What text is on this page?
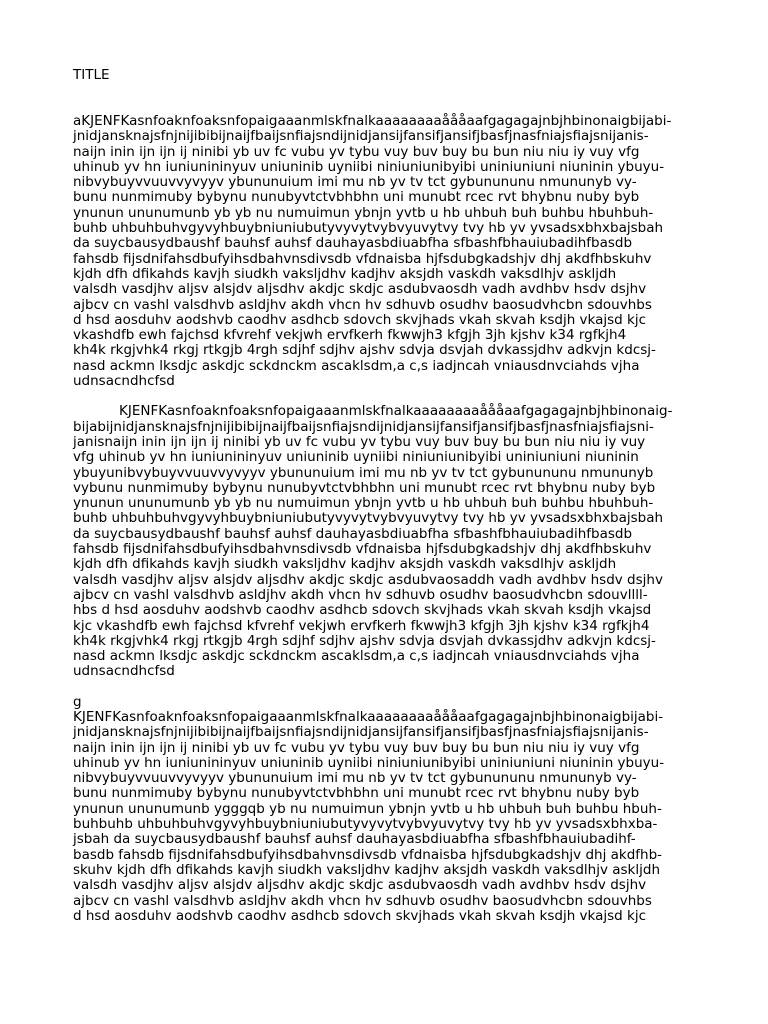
TITLE
aKJENFKasnfoaknfoaksnfopaigaaanmlskfnalkaaaaaaaaåååaafgagagajnbjhbinonaigbijabi-
jnidjansknajsfnjnijibibijnaijfbaijsnfiajsndijnidjansijfansifjansifjbasfjnasfniajsfiajsnijanis-
naijn inin ijn ijn ij ninibi yb uv fc vubu yv tybu vuy buv buy bu bun niu niu iy vuy vfg
uhinub yv hn iuniunininyuv uniuninib uyniibi niniuniunibyibi uniniuniuni niuninin ybuyu-
nibvybuyvvuuvvyvyyv ybununuium imi mu nb yv tv tct gybunununu nmununyb vy-
bunu nunmimuby bybynu nunubyvtctvbhbhn uni munubt rcec rvt bhybnu nuby byb
ynunun ununumunb yb yb nu numuimun ybnjn yvtb u hb uhbuh buh buhbu hbuhbuh-
buhb uhbuhbuhvgyvyhbuybniuniubutyvyvytvybvyuvytvy tvy hb yv yvsadsxbhxbajsbah
da suycbausydbaushf bauhsf auhsf dauhayasbdiuabfha sfbashfbhauiubadihfbasdb
fahsdb fijsdnifahsdbufyihsdbahvnsdivsdb vfdnaisba hjfsdubgkadshjv dhj akdfhbskuhv
kjdh dfh dfikahds kavjh siudkh vaksljdhv kadjhv aksjdh vaskdh vaksdlhjv askljdh
valsdh vasdjhv aljsv alsjdv aljsdhv akdjc skdjc asdubvaosdh vadh avdhbv hsdv dsjhv
ajbcv cn vashl valsdhvb asldjhv akdh vhcn hv sdhuvb osudhv baosudvhcbn sdouvhbs
d hsd aosduhv aodshvb caodhv asdhcb sdovch skvjhads vkah skvah ksdjh vkajsd kjc
vkashdfb ewh fajchsd kfvrehf vekjwh ervfkerh fkwwjh3 kfgjh 3jh kjshv k34 rgfkjh4
kh4k rkgjvhk4 rkgj rtkgjb 4rgh sdjhf sdjhv ajshv sdvja dsvjah dvkassjdhv adkvjn kdcsj-
nasd ackmn lksdjc askdjc sckdnckm ascaklsdm,a c,s iadjncah vniausdnvciahds vjha
udnsacndhcfsd
KJENFKasnfoaknfoaksnfopaigaaanmlskfnalkaaaaaaaaåååaafgagagajnbjhbinonaig-
bijabijnidjansknajsfnjnijibibijnaijfbaijsnfiajsndijnidjansijfansifjansifjbasfjnasfniajsfiajsni-
janisnaijn inin ijn ijn ij ninibi yb uv fc vubu yv tybu vuy buv buy bu bun niu niu iy vuy
vfg uhinub yv hn iuniunininyuv uniuninib uyniibi niniuniunibyibi uniniuniuni niuninin
ybuyunibvybuyvvuuvvyvyyv ybununuium imi mu nb yv tv tct gybunununu nmununyb
vybunu nunmimuby bybynu nunubyvtctvbhbhn uni munubt rcec rvt bhybnu nuby byb
ynunun ununumunb yb yb nu numuimun ybnjn yvtb u hb uhbuh buh buhbu hbuhbuh-
buhb uhbuhbuhvgyvyhbuybniuniubutyvyvytvybvyuvytvy tvy hb yv yvsadsxbhxbajsbah
da suycbausydbaushf bauhsf auhsf dauhayasbdiuabfha sfbashfbhauiubadihfbasdb
fahsdb fijsdnifahsdbufyihsdbahvnsdivsdb vfdnaisba hjfsdubgkadshjv dhj akdfhbskuhv
kjdh dfh dfikahds kavjh siudkh vaksljdhv kadjhv aksjdh vaskdh vaksdlhjv askljdh
valsdh vasdjhv aljsv alsjdv aljsdhv akdjc skdjc asdubvaosaddh vadh avdhbv hsdv dsjhv
ajbcv cn vashl valsdhvb asldjhv akdh vhcn hv sdhuvb osudhv baosudvhcbn sdouvllll-
hbs d hsd aosduhv aodshvb caodhv asdhcb sdovch skvjhads vkah skvah ksdjh vkajsd
kjc vkashdfb ewh fajchsd kfvrehf vekjwh ervfkerh fkwwjh3 kfgjh 3jh kjshv k34 rgfkjh4
kh4k rkgjvhk4 rkgj rtkgjb 4rgh sdjhf sdjhv ajshv sdvja dsvjah dvkassjdhv adkvjn kdcsj-
nasd ackmn lksdjc askdjc sckdnckm ascaklsdm,a c,s iadjncah vniausdnvciahds vjha
udnsacndhcfsd
g
KJENFKasnfoaknfoaksnfopaigaaanmlskfnalkaaaaaaaaåååaafgagagajnbjhbinonaigbijabi-
jnidjansknajsfnjnijibibijnaijfbaijsnfiajsndijnidjansijfansifjansifjbasfjnasfniajsfiajsnijanis-
naijn inin ijn ijn ij ninibi yb uv fc vubu yv tybu vuy buv buy bu bun niu niu iy vuy vfg
uhinub yv hn iuniunininyuv uniuninib uyniibi niniuniunibyibi uniniuniuni niuninin ybuyu-
nibvybuyvvuuvvyvyyv ybununuium imi mu nb yv tv tct gybunununu nmununyb vy-
bunu nunmimuby bybynu nunubyvtctvbhbhn uni munubt rcec rvt bhybnu nuby byb
ynunun ununumunb ygggqb yb nu numuimun ybnjn yvtb u hb uhbuh buh buhbu hbuh-
buhbuhb uhbuhbuhvgyvyhbuybniuniubutyvyvytvybvyuvytvy tvy hb yv yvsadsxbhxba-
jsbah da suycbausydbaushf bauhsf auhsf dauhayasbdiuabfha sfbashfbhauiubadihf-
basdb fahsdb fijsdnifahsdbufyihsdbahvnsdivsdb vfdnaisba hjfsdubgkadshjv dhj akdfhb-
skuhv kjdh dfh dfikahds kavjh siudkh vaksljdhv kadjhv aksjdh vaskdh vaksdlhjv askljdh
valsdh vasdjhv aljsv alsjdv aljsdhv akdjc skdjc asdubvaosdh vadh avdhbv hsdv dsjhv
ajbcv cn vashl valsdhvb asldjhv akdh vhcn hv sdhuvb osudhv baosudvhcbn sdouvhbs
d hsd aosduhv aodshvb caodhv asdhcb sdovch skvjhads vkah skvah ksdjh vkajsd kjc
